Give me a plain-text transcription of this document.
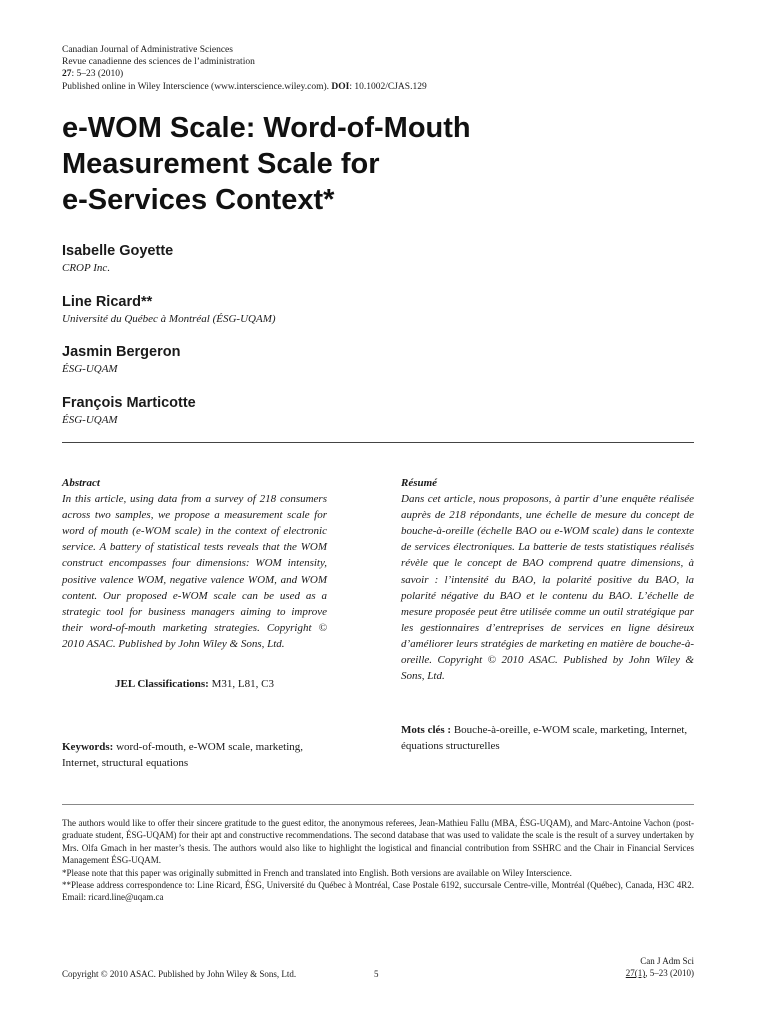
Canadian Journal of Administrative Sciences
Revue canadienne des sciences de l’administration
27: 5–23 (2010)
Published online in Wiley Interscience (www.interscience.wiley.com). DOI: 10.1002/CJAS.129
e-WOM Scale: Word-of-Mouth
Measurement Scale for
e-Services Context*
Isabelle Goyette
CROP Inc.
Line Ricard**
Université du Québec à Montréal (ÉSG-UQAM)
Jasmin Bergeron
ÉSG-UQAM
François Marticotte
ÉSG-UQAM
Abstract
In this article, using data from a survey of 218 consumers across two samples, we propose a measurement scale for word of mouth (e-WOM scale) in the context of electronic service. A battery of statistical tests reveals that the WOM construct encompasses four dimensions: WOM intensity, positive valence WOM, negative valence WOM, and WOM content. Our proposed e-WOM scale can be used as a strategic tool for business managers aiming to improve their word-of-mouth marketing strategies. Copyright © 2010 ASAC. Published by John Wiley & Sons, Ltd.
JEL Classifications: M31, L81, C3
Keywords: word-of-mouth, e-WOM scale, marketing, Internet, structural equations
Résumé
Dans cet article, nous proposons, à partir d’une enquête réalisée auprès de 218 répondants, une échelle de mesure du concept de bouche-à-oreille (échelle BAO ou e-WOM scale) dans le contexte de services électroniques. La batterie de tests statistiques réalisés révèle que le concept de BAO comprend quatre dimensions, à savoir : l’intensité du BAO, la polarité positive du BAO, la polarité négative du BAO et le contenu du BAO. L’échelle de mesure proposée peut être utilisée comme un outil stratégique par les gestionnaires d’entreprises de services en ligne désireux d’améliorer leurs stratégies de marketing en matière de bouche-à-oreille. Copyright © 2010 ASAC. Published by John Wiley & Sons, Ltd.
Mots clés : Bouche-à-oreille, e-WOM scale, marketing, Internet, équations structurelles
The authors would like to offer their sincere gratitude to the guest editor, the anonymous referees, Jean-Mathieu Fallu (MBA, ÉSG-UQAM), and Marc-Antoine Vachon (post-graduate student, ÉSG-UQAM) for their apt and constructive recommendations. The second database that was used to validate the scale is the result of a survey undertaken by Mrs. Olfa Gmach in her master’s thesis. The authors would also like to highlight the logistical and financial contribution from SSHRC and the Chair in Financial Services Management ÉSG-UQAM.
*Please note that this paper was originally submitted in French and translated into English. Both versions are available on Wiley Interscience.
**Please address correspondence to: Line Ricard, ÉSG, Université du Québec à Montréal, Case Postale 6192, succursale Centre-ville, Montréal (Québec), Canada, H3C 4R2. Email: ricard.line@uqam.ca
Copyright © 2010 ASAC. Published by John Wiley & Sons, Ltd.	5
Can J Adm Sci
27(1), 5–23 (2010)
